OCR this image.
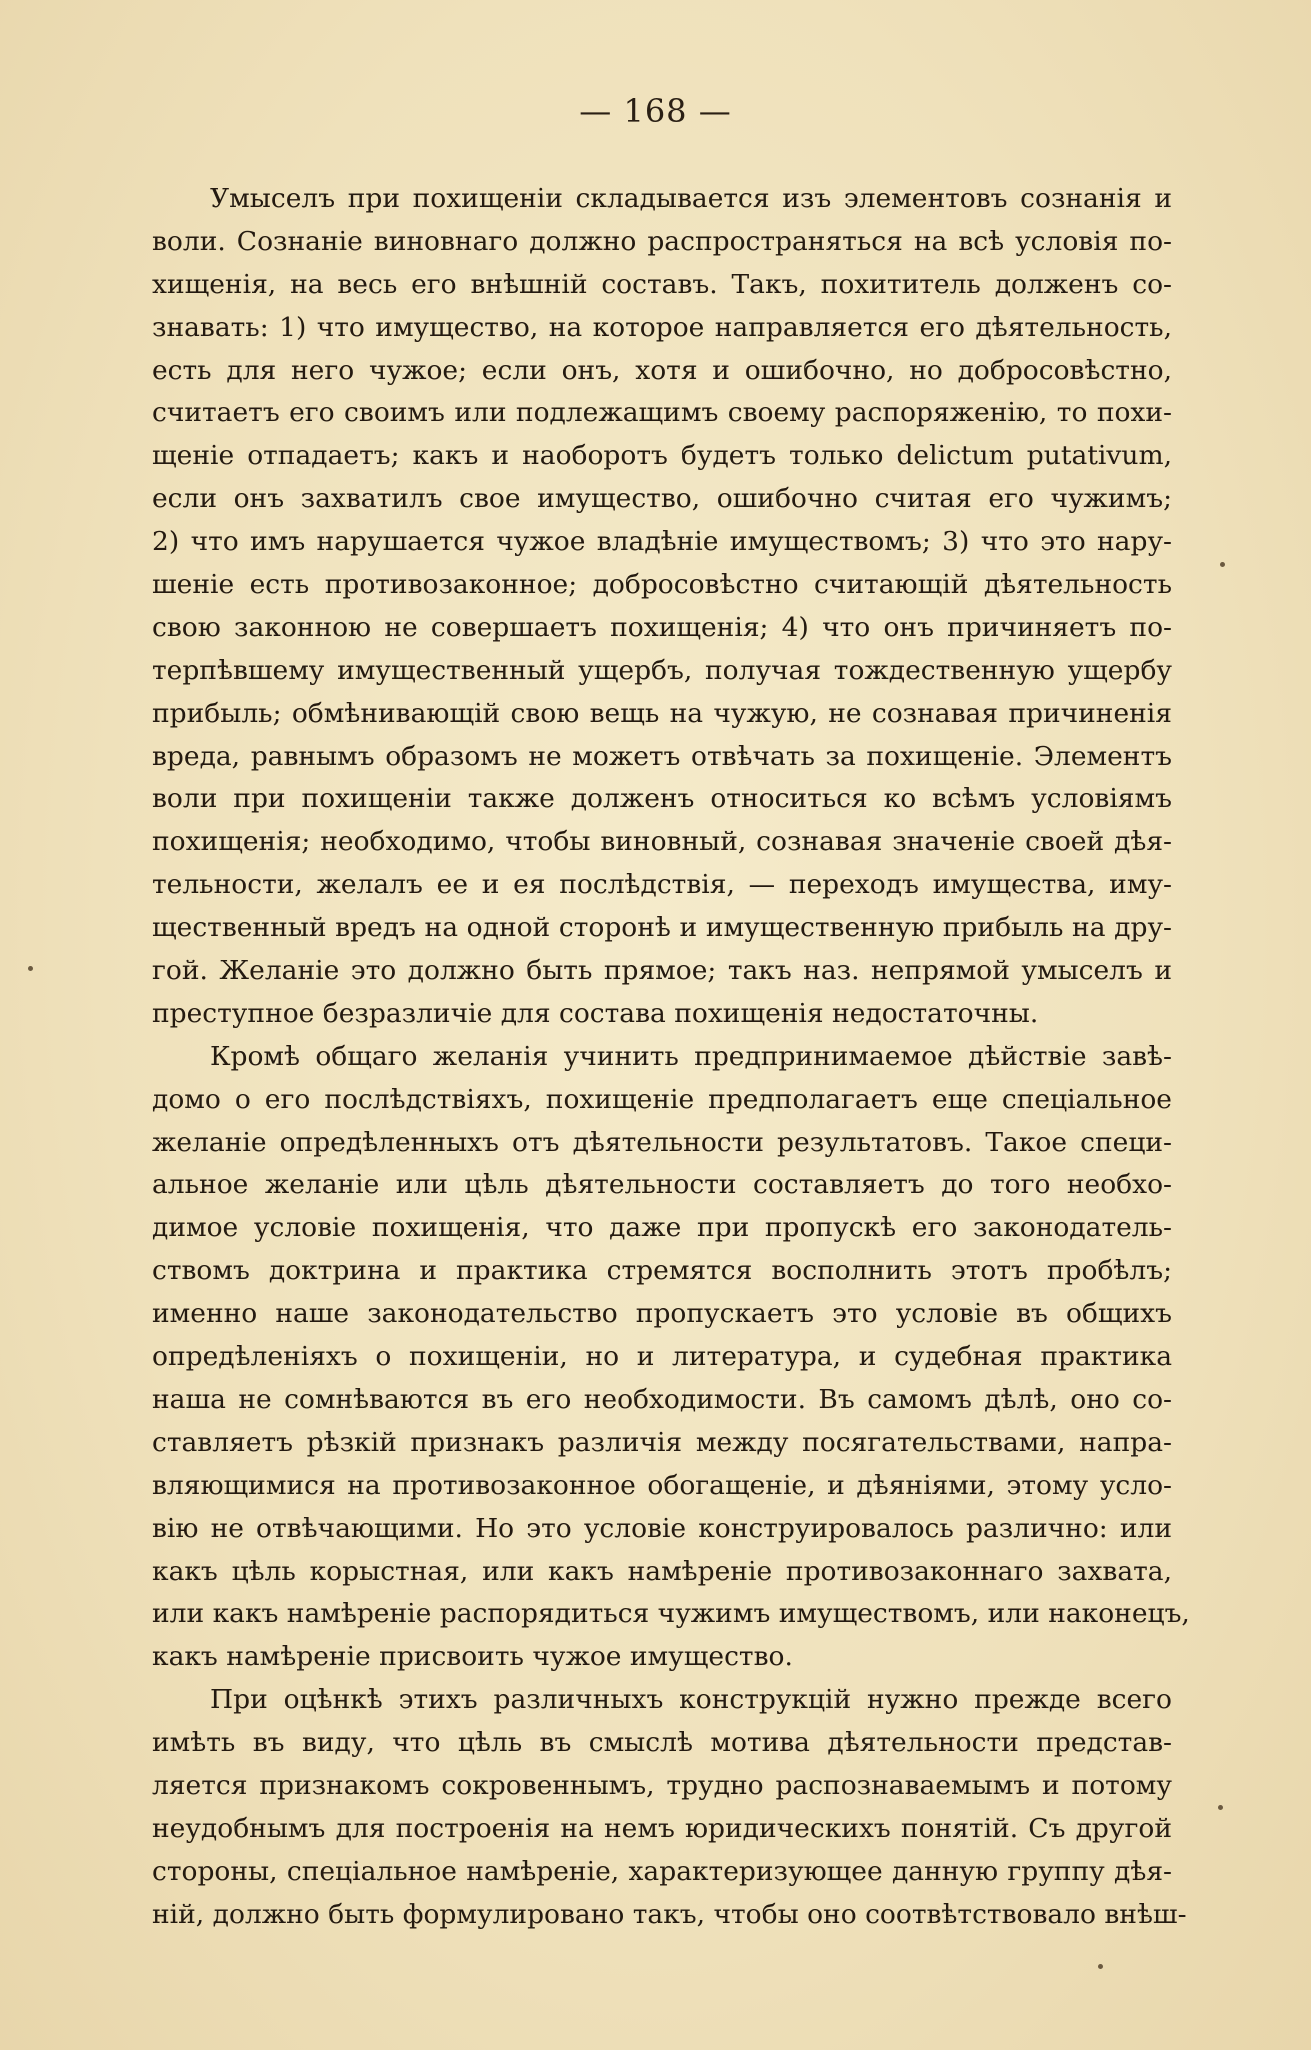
— 168 —
Умыселъ при похищеніи складывается изъ элементовъ сознанія и
воли. Сознаніе виновнаго должно распространяться на всѣ условія по-
хищенія, на весь его внѣшній составъ. Такъ, похититель долженъ со-
знавать: 1) что имущество, на которое направляется его дѣятельность,
есть для него чужое; если онъ, хотя и ошибочно, но добросовѣстно,
считаетъ его своимъ или подлежащимъ своему распоряженію, то похи-
щеніе отпадаетъ; какъ и наоборотъ будетъ только delictum putativum,
если онъ захватилъ свое имущество, ошибочно считая его чужимъ;
2) что имъ нарушается чужое владѣніе имуществомъ; 3) что это нару-
шеніе есть противозаконное; добросовѣстно считающій дѣятельность
свою законною не совершаетъ похищенія; 4) что онъ причиняетъ по-
терпѣвшему имущественный ущербъ, получая тождественную ущербу
прибыль; обмѣнивающій свою вещь на чужую, не сознавая причиненія
вреда, равнымъ образомъ не можетъ отвѣчать за похищеніе. Элементъ
воли при похищеніи также долженъ относиться ко всѣмъ условіямъ
похищенія; необходимо, чтобы виновный, сознавая значеніе своей дѣя-
тельности, желалъ ее и ея послѣдствія, — переходъ имущества, иму-
щественный вредъ на одной сторонѣ и имущественную прибыль на дру-
гой. Желаніе это должно быть прямое; такъ наз. непрямой умыселъ и
преступное безразличіе для состава похищенія недостаточны.
Кромѣ общаго желанія учинить предпринимаемое дѣйствіе завѣ-
домо о его послѣдствіяхъ, похищеніе предполагаетъ еще спеціальное
желаніе опредѣленныхъ отъ дѣятельности результатовъ. Такое специ-
альное желаніе или цѣль дѣятельности составляетъ до того необхо-
димое условіе похищенія, что даже при пропускѣ его законодатель-
ствомъ доктрина и практика стремятся восполнить этотъ пробѣлъ;
именно наше законодательство пропускаетъ это условіе въ общихъ
опредѣленіяхъ о похищеніи, но и литература, и судебная практика
наша не сомнѣваются въ его необходимости. Въ самомъ дѣлѣ, оно со-
ставляетъ рѣзкій признакъ различія между посягательствами, напра-
вляющимися на противозаконное обогащеніе, и дѣяніями, этому усло-
вію не отвѣчающими. Но это условіе конструировалось различно: или
какъ цѣль корыстная, или какъ намѣреніе противозаконнаго захвата,
или какъ намѣреніе распорядиться чужимъ имуществомъ, или наконецъ,
какъ намѣреніе присвоить чужое имущество.
При оцѣнкѣ этихъ различныхъ конструкцій нужно прежде всего
имѣть въ виду, что цѣль въ смыслѣ мотива дѣятельности представ-
ляется признакомъ сокровеннымъ, трудно распознаваемымъ и потому
неудобнымъ для построенія на немъ юридическихъ понятій. Съ другой
стороны, спеціальное намѣреніе, характеризующее данную группу дѣя-
ній, должно быть формулировано такъ, чтобы оно соотвѣтствовало внѣш-
